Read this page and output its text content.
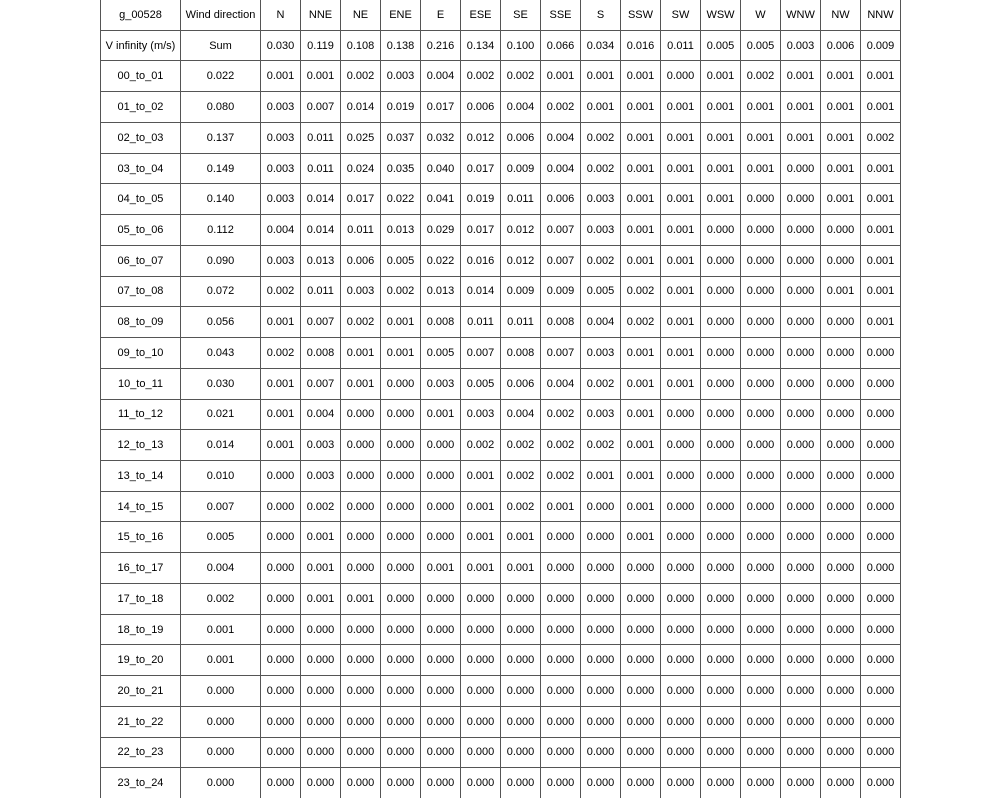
g_00528	Wind direction	N	NNE	NE	ENE	E	ESE	SE	SSE	S	SSW	SW	WSW	W	WNW	NW	NNW
V infinity (m/s)	Sum	0.030	0.119	0.108	0.138	0.216	0.134	0.100	0.066	0.034	0.016	0.011	0.005	0.005	0.003	0.006	0.009
00_to_01	0.022	0.001	0.001	0.002	0.003	0.004	0.002	0.002	0.001	0.001	0.001	0.000	0.001	0.002	0.001	0.001	0.001
01_to_02	0.080	0.003	0.007	0.014	0.019	0.017	0.006	0.004	0.002	0.001	0.001	0.001	0.001	0.001	0.001	0.001	0.001
02_to_03	0.137	0.003	0.011	0.025	0.037	0.032	0.012	0.006	0.004	0.002	0.001	0.001	0.001	0.001	0.001	0.001	0.002
03_to_04	0.149	0.003	0.011	0.024	0.035	0.040	0.017	0.009	0.004	0.002	0.001	0.001	0.001	0.001	0.000	0.001	0.001
04_to_05	0.140	0.003	0.014	0.017	0.022	0.041	0.019	0.011	0.006	0.003	0.001	0.001	0.001	0.000	0.000	0.001	0.001
05_to_06	0.112	0.004	0.014	0.011	0.013	0.029	0.017	0.012	0.007	0.003	0.001	0.001	0.000	0.000	0.000	0.000	0.001
06_to_07	0.090	0.003	0.013	0.006	0.005	0.022	0.016	0.012	0.007	0.002	0.001	0.001	0.000	0.000	0.000	0.000	0.001
07_to_08	0.072	0.002	0.011	0.003	0.002	0.013	0.014	0.009	0.009	0.005	0.002	0.001	0.000	0.000	0.000	0.001	0.001
08_to_09	0.056	0.001	0.007	0.002	0.001	0.008	0.011	0.011	0.008	0.004	0.002	0.001	0.000	0.000	0.000	0.000	0.001
09_to_10	0.043	0.002	0.008	0.001	0.001	0.005	0.007	0.008	0.007	0.003	0.001	0.001	0.000	0.000	0.000	0.000	0.000
10_to_11	0.030	0.001	0.007	0.001	0.000	0.003	0.005	0.006	0.004	0.002	0.001	0.001	0.000	0.000	0.000	0.000	0.000
11_to_12	0.021	0.001	0.004	0.000	0.000	0.001	0.003	0.004	0.002	0.003	0.001	0.000	0.000	0.000	0.000	0.000	0.000
12_to_13	0.014	0.001	0.003	0.000	0.000	0.000	0.002	0.002	0.002	0.002	0.001	0.000	0.000	0.000	0.000	0.000	0.000
13_to_14	0.010	0.000	0.003	0.000	0.000	0.000	0.001	0.002	0.002	0.001	0.001	0.000	0.000	0.000	0.000	0.000	0.000
14_to_15	0.007	0.000	0.002	0.000	0.000	0.000	0.001	0.002	0.001	0.000	0.001	0.000	0.000	0.000	0.000	0.000	0.000
15_to_16	0.005	0.000	0.001	0.000	0.000	0.000	0.001	0.001	0.000	0.000	0.001	0.000	0.000	0.000	0.000	0.000	0.000
16_to_17	0.004	0.000	0.001	0.000	0.000	0.001	0.001	0.001	0.000	0.000	0.000	0.000	0.000	0.000	0.000	0.000	0.000
17_to_18	0.002	0.000	0.001	0.001	0.000	0.000	0.000	0.000	0.000	0.000	0.000	0.000	0.000	0.000	0.000	0.000	0.000
18_to_19	0.001	0.000	0.000	0.000	0.000	0.000	0.000	0.000	0.000	0.000	0.000	0.000	0.000	0.000	0.000	0.000	0.000
19_to_20	0.001	0.000	0.000	0.000	0.000	0.000	0.000	0.000	0.000	0.000	0.000	0.000	0.000	0.000	0.000	0.000	0.000
20_to_21	0.000	0.000	0.000	0.000	0.000	0.000	0.000	0.000	0.000	0.000	0.000	0.000	0.000	0.000	0.000	0.000	0.000
21_to_22	0.000	0.000	0.000	0.000	0.000	0.000	0.000	0.000	0.000	0.000	0.000	0.000	0.000	0.000	0.000	0.000	0.000
22_to_23	0.000	0.000	0.000	0.000	0.000	0.000	0.000	0.000	0.000	0.000	0.000	0.000	0.000	0.000	0.000	0.000	0.000
23_to_24	0.000	0.000	0.000	0.000	0.000	0.000	0.000	0.000	0.000	0.000	0.000	0.000	0.000	0.000	0.000	0.000	0.000
